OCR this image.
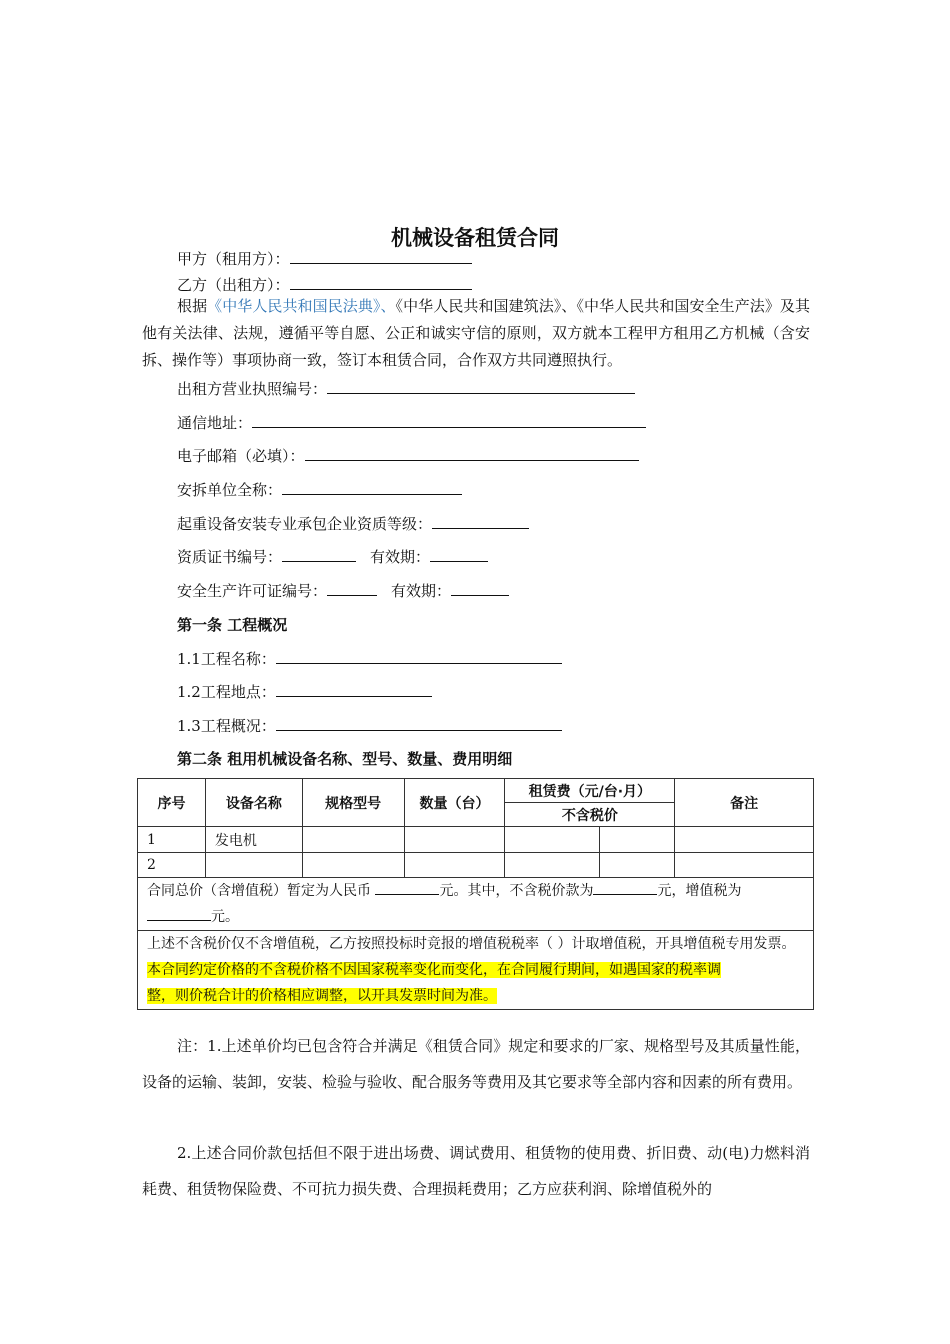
机械设备租赁合同
甲方（租用方）：
乙方（出租方）：
根据《中华人民共和国民法典》、《中华人民共和国建筑法》、《中华人民共和国安全生产法》及其他有关法律、法规，遵循平等自愿、公正和诚实守信的原则，双方就本工程甲方租用乙方机械（含安拆、操作等）事项协商一致，签订本租赁合同，合作双方共同遵照执行。
出租方营业执照编号：
通信地址：
电子邮箱（必填）：
安拆单位全称：
起重设备安装专业承包企业资质等级：
资质证书编号：	有效期：
安全生产许可证编号：	有效期：
第一条 工程概况
1.1工程名称：
1.2工程地点：
1.3工程概况：
第二条 租用机械设备名称、型号、数量、费用明细
序号	设备名称	规格型号	数量（台）	租赁费（元/台·月）		备注
				不含税价		
1	发电机					
2						
合同总价（含增值税）暂定为人民币 元。其中，不含税价款为 元，增值税为元。						

上述不含税价仅不含增值税，乙方按照投标时竞报的增值税税率（ ）计取增值税，开具增值税专用发票。
本合同约定价格的不含税价格不因国家税率变化而变化，在合同履行期间，如遇国家的税率调整，则价税合计的价格相应调整，以开具发票时间为准。						
注：1.上述单价均已包含符合并满足《租赁合同》规定和要求的厂家、规格型号及其质量性能，设备的运输、装卸，安装、检验与验收、配合服务等费用及其它要求等全部内容和因素的所有费用。
2.上述合同价款包括但不限于进出场费、调试费用、租赁物的使用费、折旧费、动(电)力燃料消耗费、租赁物保险费、不可抗力损失费、合理损耗费用；乙方应获利润、除增值税外的
